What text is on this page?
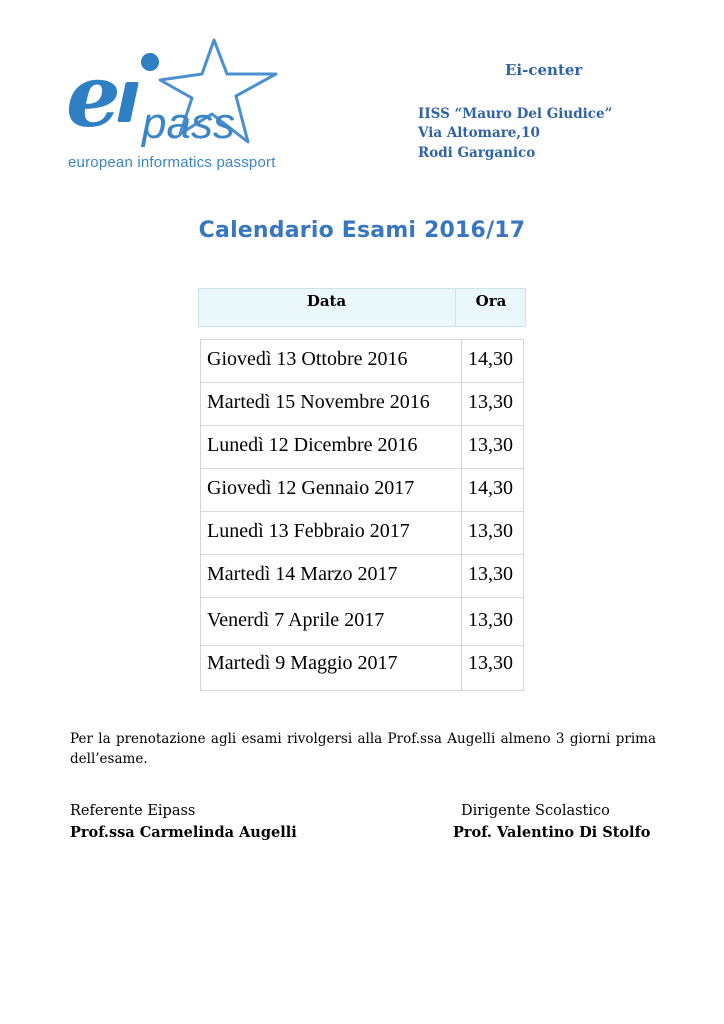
e pass
european informatics passport
Ei-center
IISS “Mauro Del Giudice”
Via Altomare,10
Rodi Garganico
Calendario Esami 2016/17
Data	Ora
Giovedì 13 Ottobre 2016	14,30
Martedì 15 Novembre 2016 13,30
Lunedì 12 Dicembre 2016	13,30
Giovedì 12 Gennaio 2017	14,30
Lunedì 13 Febbraio 2017	13,30
Martedì 14 Marzo 2017	13,30
Venerdì 7 Aprile 2017	13,30
Martedì 9 Maggio 2017	13,30
Per la prenotazione agli esami rivolgersi alla Prof.ssa Augelli almeno 3 giorni prima dell’esame.
Referente Eipass
Prof.ssa Carmelinda Augelli
Dirigente Scolastico
Prof. Valentino Di Stolfo
